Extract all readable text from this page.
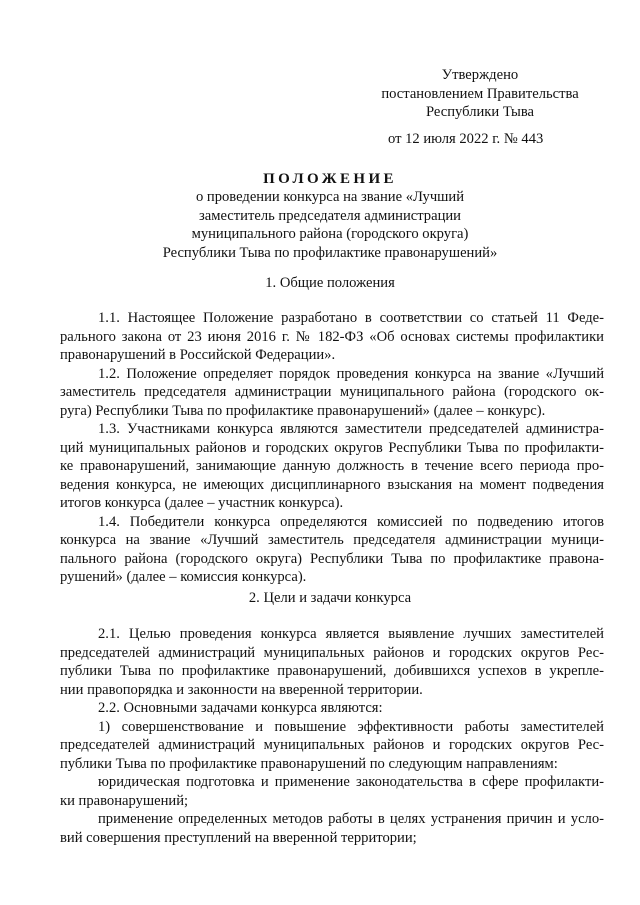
Утверждено
постановлением Правительства
Республики Тыва
от 12 июля 2022 г. № 443
ПОЛОЖЕНИЕ
о проведении конкурса на звание «Лучший
заместитель председателя администрации
муниципального района (городского округа)
Республики Тыва по профилактике правонарушений»
1. Общие положения
1.1. Настоящее Положение разработано в соответствии со статьей 11 Феде-
рального закона от 23 июня 2016 г. № 182-ФЗ «Об основах системы профилактики
правонарушений в Российской Федерации».
1.2. Положение определяет порядок проведения конкурса на звание «Лучший
заместитель председателя администрации муниципального района (городского ок-
руга) Республики Тыва по профилактике правонарушений» (далее – конкурс).
1.3. Участниками конкурса являются заместители председателей администра-
ций муниципальных районов и городских округов Республики Тыва по профилакти-
ке правонарушений, занимающие данную должность в течение всего периода про-
ведения конкурса, не имеющих дисциплинарного взыскания на момент подведения
итогов конкурса (далее – участник конкурса).
1.4. Победители конкурса определяются комиссией по подведению итогов
конкурса на звание «Лучший заместитель председателя администрации муници-
пального района (городского округа) Республики Тыва по профилактике правона-
рушений» (далее – комиссия конкурса).
2. Цели и задачи конкурса
2.1. Целью проведения конкурса является выявление лучших заместителей
председателей администраций муниципальных районов и городских округов Рес-
публики Тыва по профилактике правонарушений, добившихся успехов в укрепле-
нии правопорядка и законности на вверенной территории.
2.2. Основными задачами конкурса являются:
1) совершенствование и повышение эффективности работы заместителей
председателей администраций муниципальных районов и городских округов Рес-
публики Тыва по профилактике правонарушений по следующим направлениям:
юридическая подготовка и применение законодательства в сфере профилакти-
ки правонарушений;
применение определенных методов работы в целях устранения причин и усло-
вий совершения преступлений на вверенной территории;
